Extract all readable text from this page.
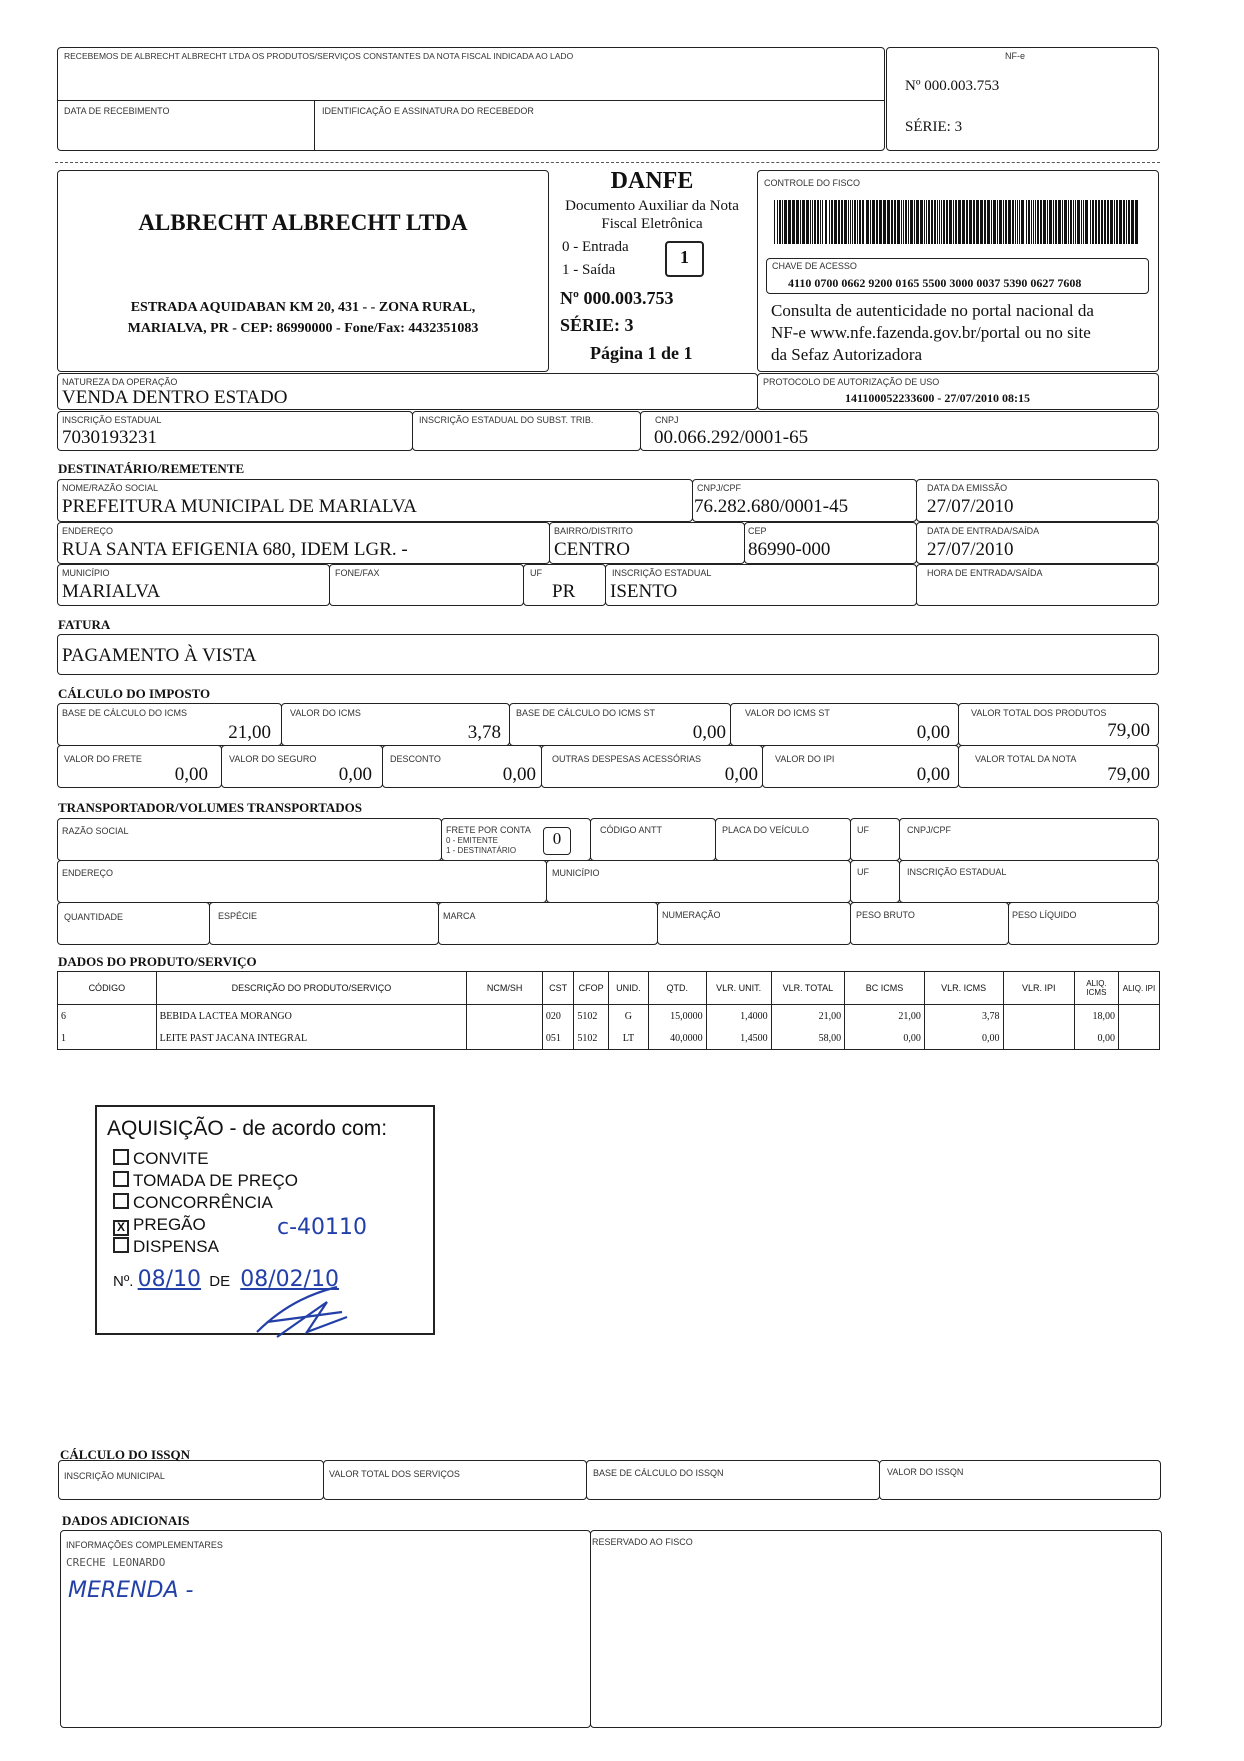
RECEBEMOS DE ALBRECHT ALBRECHT LTDA OS PRODUTOS/SERVIÇOS CONSTANTES DA NOTA FISCAL INDICADA AO LADO
DATA DE RECEBIMENTO	IDENTIFICAÇÃO E ASSINATURA DO RECEBEDOR
NF-e
Nº 000.003.753
SÉRIE: 3
ALBRECHT ALBRECHT LTDA
ESTRADA AQUIDABAN KM 20, 431 - - ZONA RURAL,
MARIALVA, PR - CEP: 86990000 - Fone/Fax: 4432351083
DANFE
Documento Auxiliar da Nota
Fiscal Eletrônica
0 - Entrada
1 - Saída
1
Nº 000.003.753
SÉRIE: 3
Página 1 de 1
CONTROLE DO FISCO
CHAVE DE ACESSO
4110 0700 0662 9200 0165 5500 3000 0037 5390 0627 7608
Consulta de autenticidade no portal nacional da
NF-e www.nfe.fazenda.gov.br/portal ou no site
da Sefaz Autorizadora
NATUREZA DA OPERAÇÃO
VENDA DENTRO ESTADO
PROTOCOLO DE AUTORIZAÇÃO DE USO
141100052233600 - 27/07/2010 08:15
INSCRIÇÃO ESTADUAL
7030193231
INSCRIÇÃO ESTADUAL DO SUBST. TRIB.	CNPJ
00.066.292/0001-65
DESTINATÁRIO/REMETENTE
NOME/RAZÃO SOCIAL
PREFEITURA MUNICIPAL DE MARIALVA
CNPJ/CPF
76.282.680/0001-45
DATA DA EMISSÃO
27/07/2010
ENDEREÇO
RUA SANTA EFIGENIA 680, IDEM LGR. -
BAIRRO/DISTRITO
CENTRO
CEP
86990-000
DATA DE ENTRADA/SAÍDA
27/07/2010
MUNICÍPIO
MARIALVA
FONE/FAX	UF
PR
INSCRIÇÃO ESTADUAL
ISENTO
HORA DE ENTRADA/SAÍDA
FATURA
PAGAMENTO À VISTA
CÁLCULO DO IMPOSTO
BASE DE CÁLCULO DO ICMS
21,00
VALOR DO ICMS
3,78
BASE DE CÁLCULO DO ICMS ST
0,00
VALOR DO ICMS ST
0,00
VALOR TOTAL DOS PRODUTOS
79,00
VALOR DO FRETE
0,00
VALOR DO SEGURO
0,00
DESCONTO
0,00
OUTRAS DESPESAS ACESSÓRIAS
0,00
VALOR DO IPI
0,00
VALOR TOTAL DA NOTA
79,00
TRANSPORTADOR/VOLUMES TRANSPORTADOS
RAZÃO SOCIAL	FRETE POR CONTA
0 - EMITENTE
1 - DESTINATÁRIO
0	CÓDIGO ANTT	PLACA DO VEÍCULO	UF	CNPJ/CPF
ENDEREÇO	MUNICÍPIO	UF	INSCRIÇÃO ESTADUAL
QUANTIDADE	ESPÉCIE	MARCA	NUMERAÇÃO	PESO BRUTO	PESO LÍQUIDO
DADOS DO PRODUTO/SERVIÇO
CÓDIGO	DESCRIÇÃO DO PRODUTO/SERVIÇO	NCM/SH	CST	CFOP	UNID.	QTD.	VLR. UNIT.	VLR. TOTAL	BC ICMS	VLR. ICMS	VLR. IPI	ALIQ. ICMS	ALIQ. IPI
6	BEBIDA LACTEA MORANGO		020	5102	G	15,0000	1,4000	21,00	21,00	3,78		18,00	
1	LEITE PAST JACANA INTEGRAL		051	5102	LT	40,0000	1,4500	58,00	0,00	0,00		0,00	
AQUISIÇÃO - de acordo com:
CONVITE
TOMADA DE PREÇO
CONCORRÊNCIA
X PREGÃO
DISPENSA
c-40110
Nº. 08/10 DE 08/02/10
CÁLCULO DO ISSQN
INSCRIÇÃO MUNICIPAL	VALOR TOTAL DOS SERVIÇOS	BASE DE CÁLCULO DO ISSQN	VALOR DO ISSQN
DADOS ADICIONAIS
INFORMAÇÕES COMPLEMENTARES
CRECHE LEONARDO
MERENDA -
RESERVADO AO FISCO
